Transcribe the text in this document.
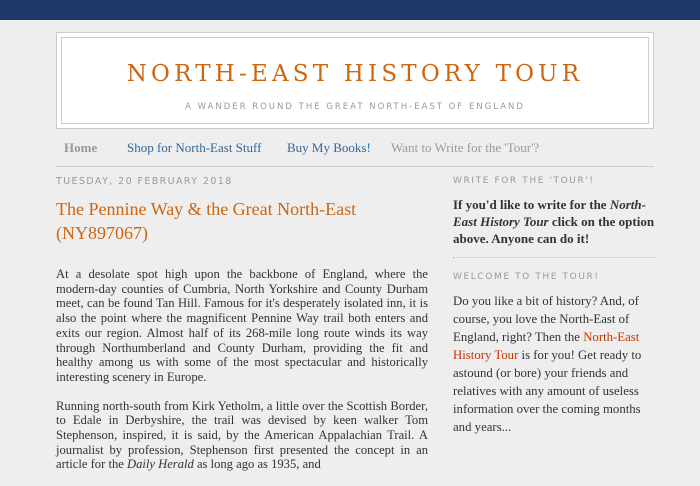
NORTH-EAST HISTORY TOUR
A WANDER ROUND THE GREAT NORTH-EAST OF ENGLAND
Home Shop for North-East Stuff Buy My Books! Want to Write for the 'Tour'?
TUESDAY, 20 FEBRUARY 2018
The Pennine Way & the Great North-East (NY897067)

At a desolate spot high upon the backbone of England, where the modern-day counties of Cumbria, North Yorkshire and County Durham meet, can be found Tan Hill. Famous for it's desperately isolated inn, it is also the point where the magnificent Pennine Way trail both enters and exits our region. Almost half of its 268-mile long route winds its way through Northumberland and County Durham, providing the fit and healthy among us with some of the most spectacular and historically interesting scenery in Europe.

Running north-south from Kirk Yetholm, a little over the Scottish Border, to Edale in Derbyshire, the trail was devised by keen walker Tom Stephenson, inspired, it is said, by the American Appalachian Trail. A journalist by profession, Stephenson first presented the concept in an article for the Daily Herald as long ago as 1935, and

WRITE FOR THE 'TOUR'!
If you'd like to write for the North-East History Tour click on the option above. Anyone can do it!
WELCOME TO THE TOUR!
Do you like a bit of history? And, of course, you love the North-East of England, right? Then the North-East History Tour is for you! Get ready to astound (or bore) your friends and relatives with any amount of useless information over the coming months and years...
